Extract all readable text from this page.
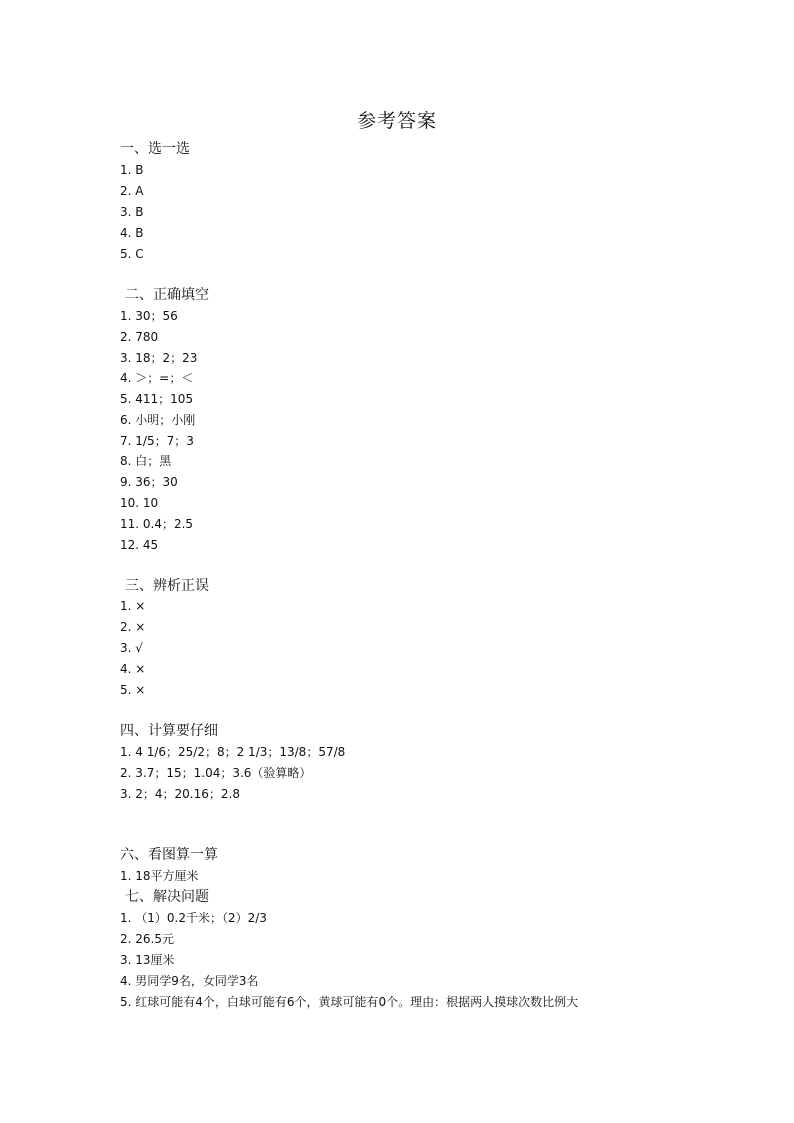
参考答案
一、选一选
1. B
2. A
3. B
4. B
5. C
二、正确填空
1. 30；56
2. 780
3. 18；2；23
4. ＞；=；＜
5. 411；105
6. 小明；小刚
7. 1/5；7；3
8. 白；黑
9. 36；30
10. 10
11. 0.4；2.5
12. 45
三、辨析正误
1. ×
2. ×
3. √
4. ×
5. ×
四、计算要仔细
1. 4 1/6；25/2；8；2 1/3；13/8；57/8
2. 3.7；15；1.04；3.6（验算略）
3. 2；4；20.16；2.8
六、看图算一算
1. 18平方厘米
七、解决问题
1. （1）0.2千米；（2）2/3
2. 26.5元
3. 13厘米
4. 男同学9名，女同学3名
5. 红球可能有4个，白球可能有6个，黄球可能有0个。理由：根据两人摸球次数比例大
